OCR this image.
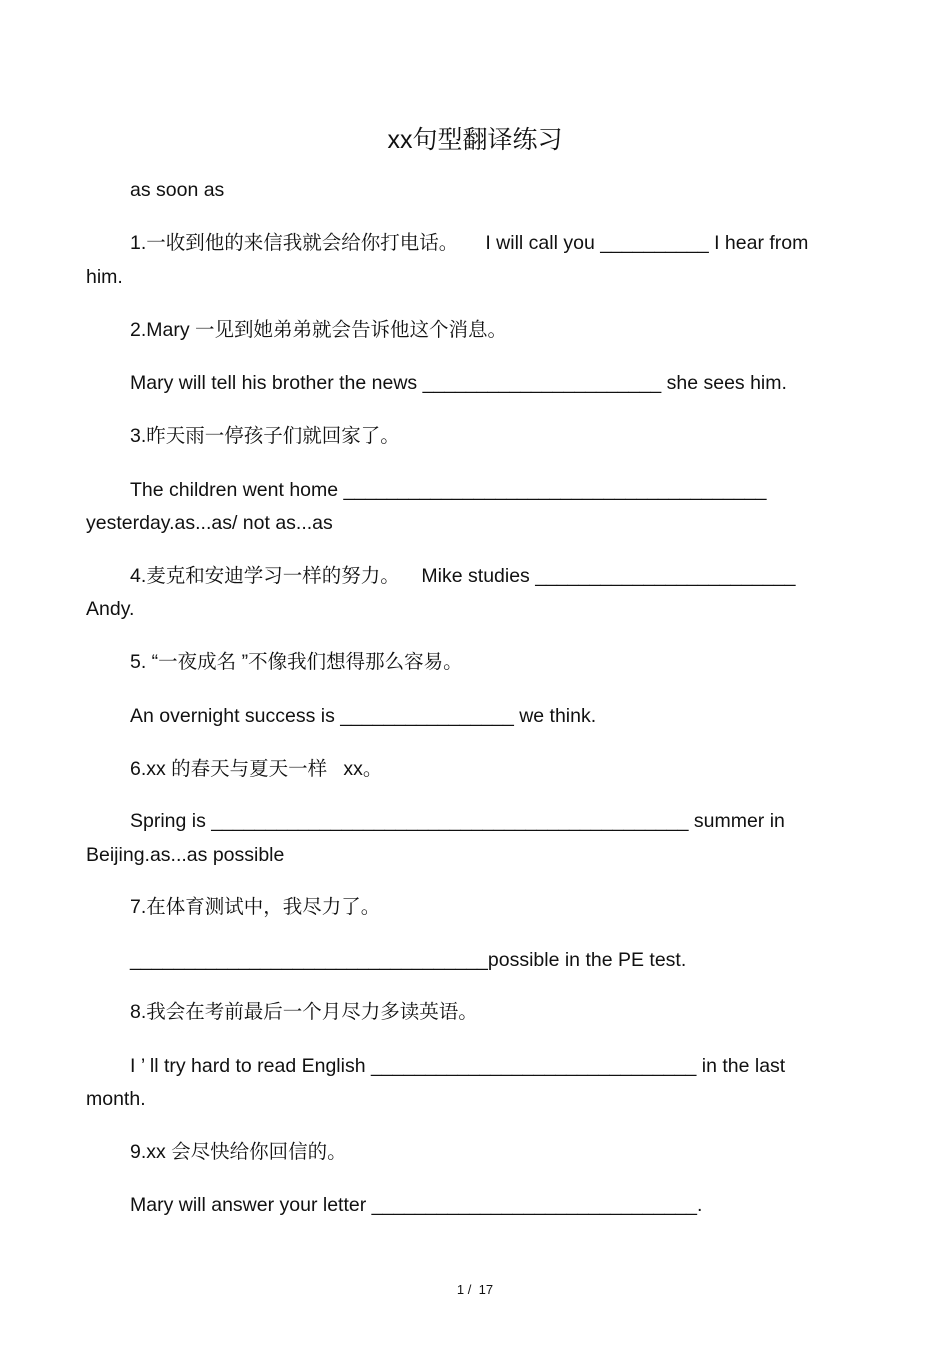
xx句型翻译练习
as soon as
1.一收到他的来信我就会给你打电话。     I will call you __________ I hear from
him.
2.Mary 一见到她弟弟就会告诉他这个消息。
Mary will tell his brother the news ______________________ she sees him.
3.昨天雨一停孩子们就回家了。
The children went home _______________________________________
yesterday.as...as/ not as...as
4.麦克和安迪学习一样的努力。    Mike studies ________________________
Andy.
5. “一夜成名 ”不像我们想得那么容易。
An overnight success is ________________ we think.
6.xx 的春天与夏天一样   xx。
Spring is ____________________________________________ summer in
Beijing.as...as possible
7.在体育测试中，我尽力了。
_________________________________possible in the PE test.
8.我会在考前最后一个月尽力多读英语。
I ’ ll try hard to read English ______________________________ in the last
month.
9.xx 会尽快给你回信的。
Mary will answer your letter ______________________________.
1 /  17
